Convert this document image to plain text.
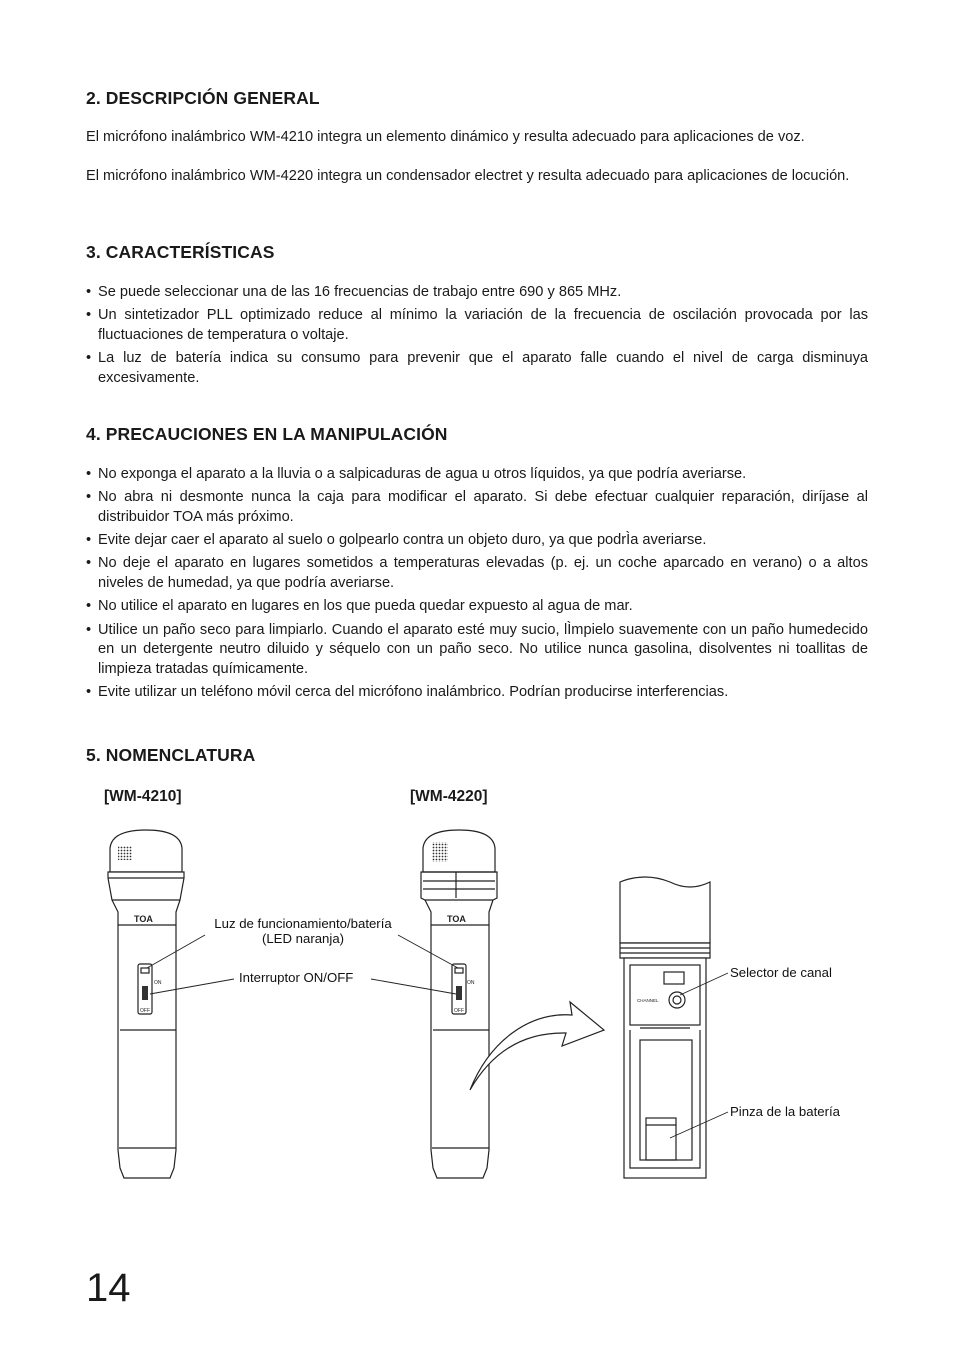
2. DESCRIPCIÓN GENERAL

El micrófono inalámbrico WM-4210 integra un elemento dinámico y resulta adecuado para aplicaciones de voz.

El micrófono inalámbrico WM-4220 integra un condensador electret y resulta adecuado para aplicaciones de locución.

3. CARACTERÍSTICAS
• Se puede seleccionar una de las 16 frecuencias de trabajo entre 690 y 865 MHz.
• Un sintetizador PLL optimizado reduce al mínimo la variación de la frecuencia de oscilación provocada por las fluctuaciones de temperatura o voltaje.
• La luz de batería indica su consumo para prevenir que el aparato falle cuando el nivel de carga disminuya excesivamente.
4. PRECAUCIONES EN LA MANIPULACIÓN
• No exponga el aparato a la lluvia o a salpicaduras de agua u otros líquidos, ya que podría averiarse.
• No abra ni desmonte nunca la caja para modificar el aparato. Si debe efectuar cualquier reparación, diríjase al distribuidor TOA más próximo.
• Evite dejar caer el aparato al suelo o golpearlo contra un objeto duro, ya que podrÌa averiarse.
• No deje el aparato en lugares sometidos a temperaturas elevadas (p. ej. un coche aparcado en verano) o a altos niveles de humedad, ya que podría averiarse.
• No utilice el aparato en lugares en los que pueda quedar expuesto al agua de mar.
• Utilice un paño seco para limpiarlo. Cuando el aparato esté muy sucio, lÌmpielo suavemente con un paño humedecido en un detergente neutro diluido y séquelo con un paño seco. No utilice nunca gasolina, disolventes ni toallitas de limpieza tratadas químicamente.
• Evite utilizar un teléfono móvil cerca del micrófono inalámbrico. Podrían producirse interferencias.
5. NOMENCLATURA
[WM-4210]	[WM-4220]
TOA	TOA
ON
OFF
ON
OFF
CHANNEL
Luz de funcionamiento/batería
(LED naranja)
Interruptor ON/OFF	Selector de canal
Pinza de la batería
14
